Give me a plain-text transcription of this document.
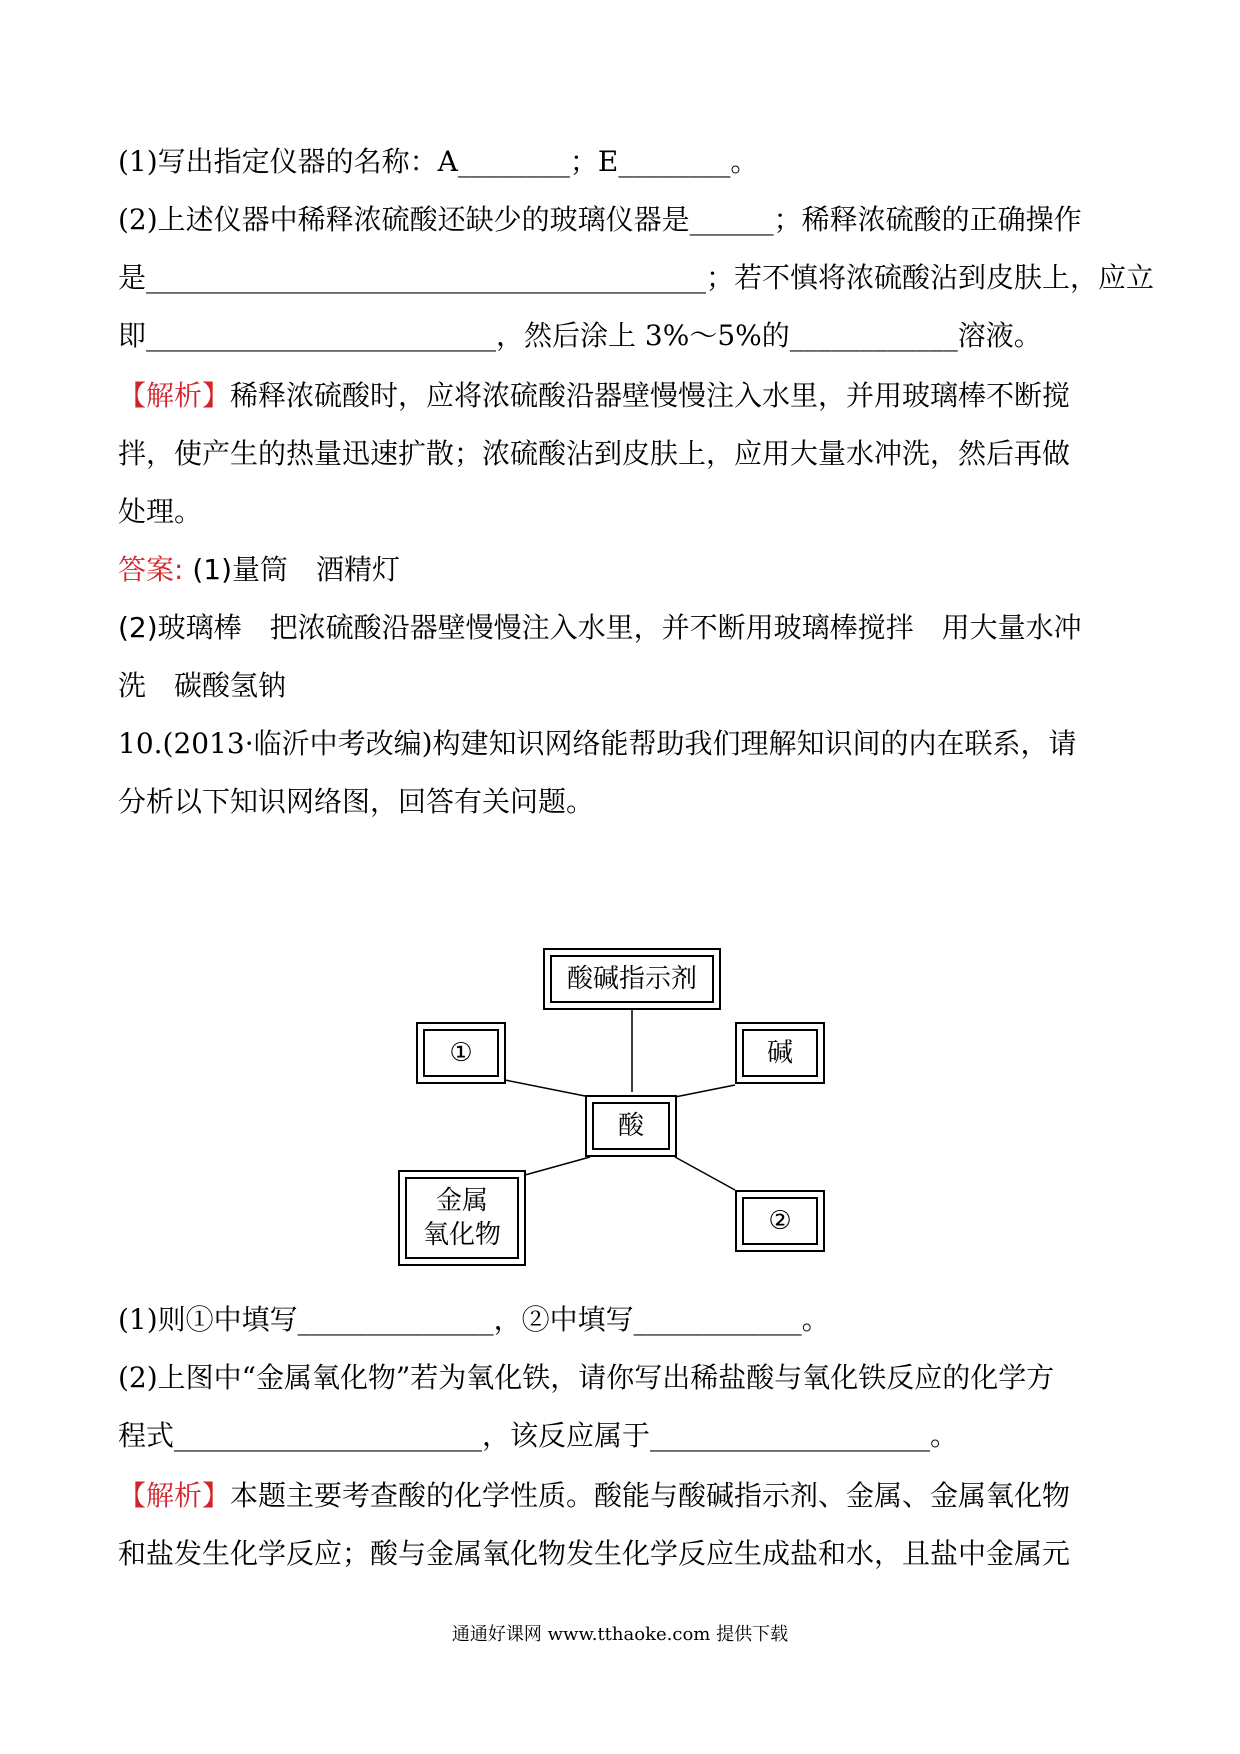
(1)写出指定仪器的名称：A________；E________。
(2)上述仪器中稀释浓硫酸还缺少的玻璃仪器是______；稀释浓硫酸的正确操作
是________________________________________；若不慎将浓硫酸沾到皮肤上，应立
即_________________________，然后涂上 3%～5%的____________溶液。
【解析】稀释浓硫酸时，应将浓硫酸沿器壁慢慢注入水里，并用玻璃棒不断搅
拌，使产生的热量迅速扩散；浓硫酸沾到皮肤上，应用大量水冲洗，然后再做
处理。
答案: (1)量筒　酒精灯
(2)玻璃棒　把浓硫酸沿器壁慢慢注入水里，并不断用玻璃棒搅拌　用大量水冲
洗　碳酸氢钠
10.(2013·临沂中考改编)构建知识网络能帮助我们理解知识间的内在联系，请
分析以下知识网络图，回答有关问题。
酸碱指示剂
①	碱
酸
金属
氧化物	②
(1)则①中填写______________，②中填写____________。
(2)上图中“金属氧化物”若为氧化铁，请你写出稀盐酸与氧化铁反应的化学方
程式______________________，该反应属于____________________。
【解析】本题主要考查酸的化学性质。酸能与酸碱指示剂、金属、金属氧化物
和盐发生化学反应；酸与金属氧化物发生化学反应生成盐和水，且盐中金属元
通通好课网 www.tthaoke.com 提供下载
